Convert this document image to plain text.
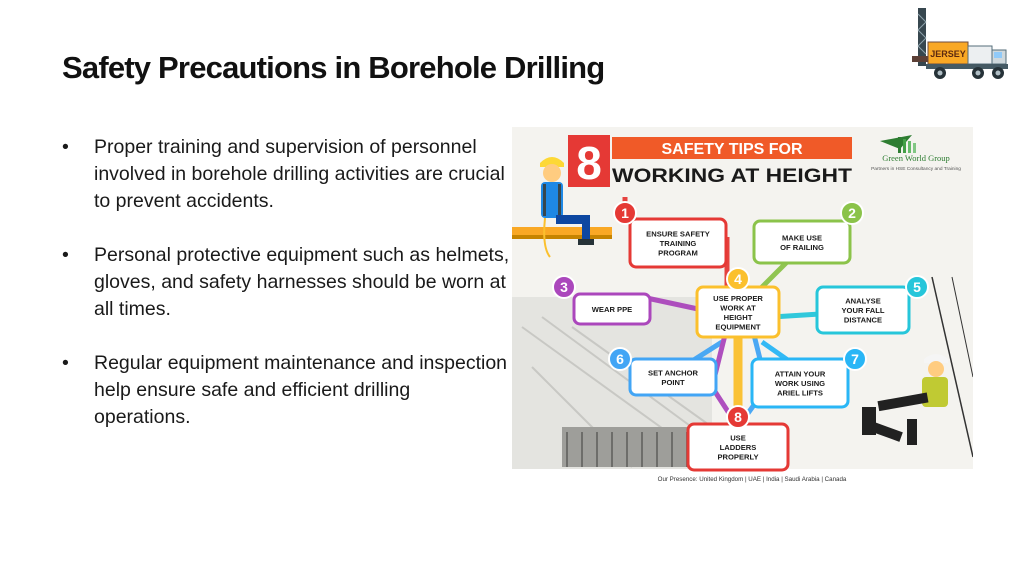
Safety Precautions in Borehole Drilling
• Proper training and supervision of personnel involved in borehole drilling activities are crucial to prevent accidents.
• Personal protective equipment such as helmets, gloves, and safety harnesses should be worn at all times.
• Regular equipment maintenance and inspection help ensure safe and efficient drilling operations.
JERSEY
8	SAFETY TIPS FOR
WORKING AT HEIGHT
Green World Group
Partners in HSE Consultancy and Training
ENSURE SAFETY
TRAINING
PROGRAM
1
MAKE USE
OF RAILING
2
WEAR PPE
3
USE PROPER
WORK AT
HEIGHT
EQUIPMENT
4
ANALYSE
YOUR FALL
DISTANCE
5
SET ANCHOR
POINT
6
ATTAIN YOUR
WORK USING
ARIEL LIFTS
7
USE
LADDERS
PROPERLY
8
Our Presence: United Kingdom | UAE | India | Saudi Arabia | Canada
